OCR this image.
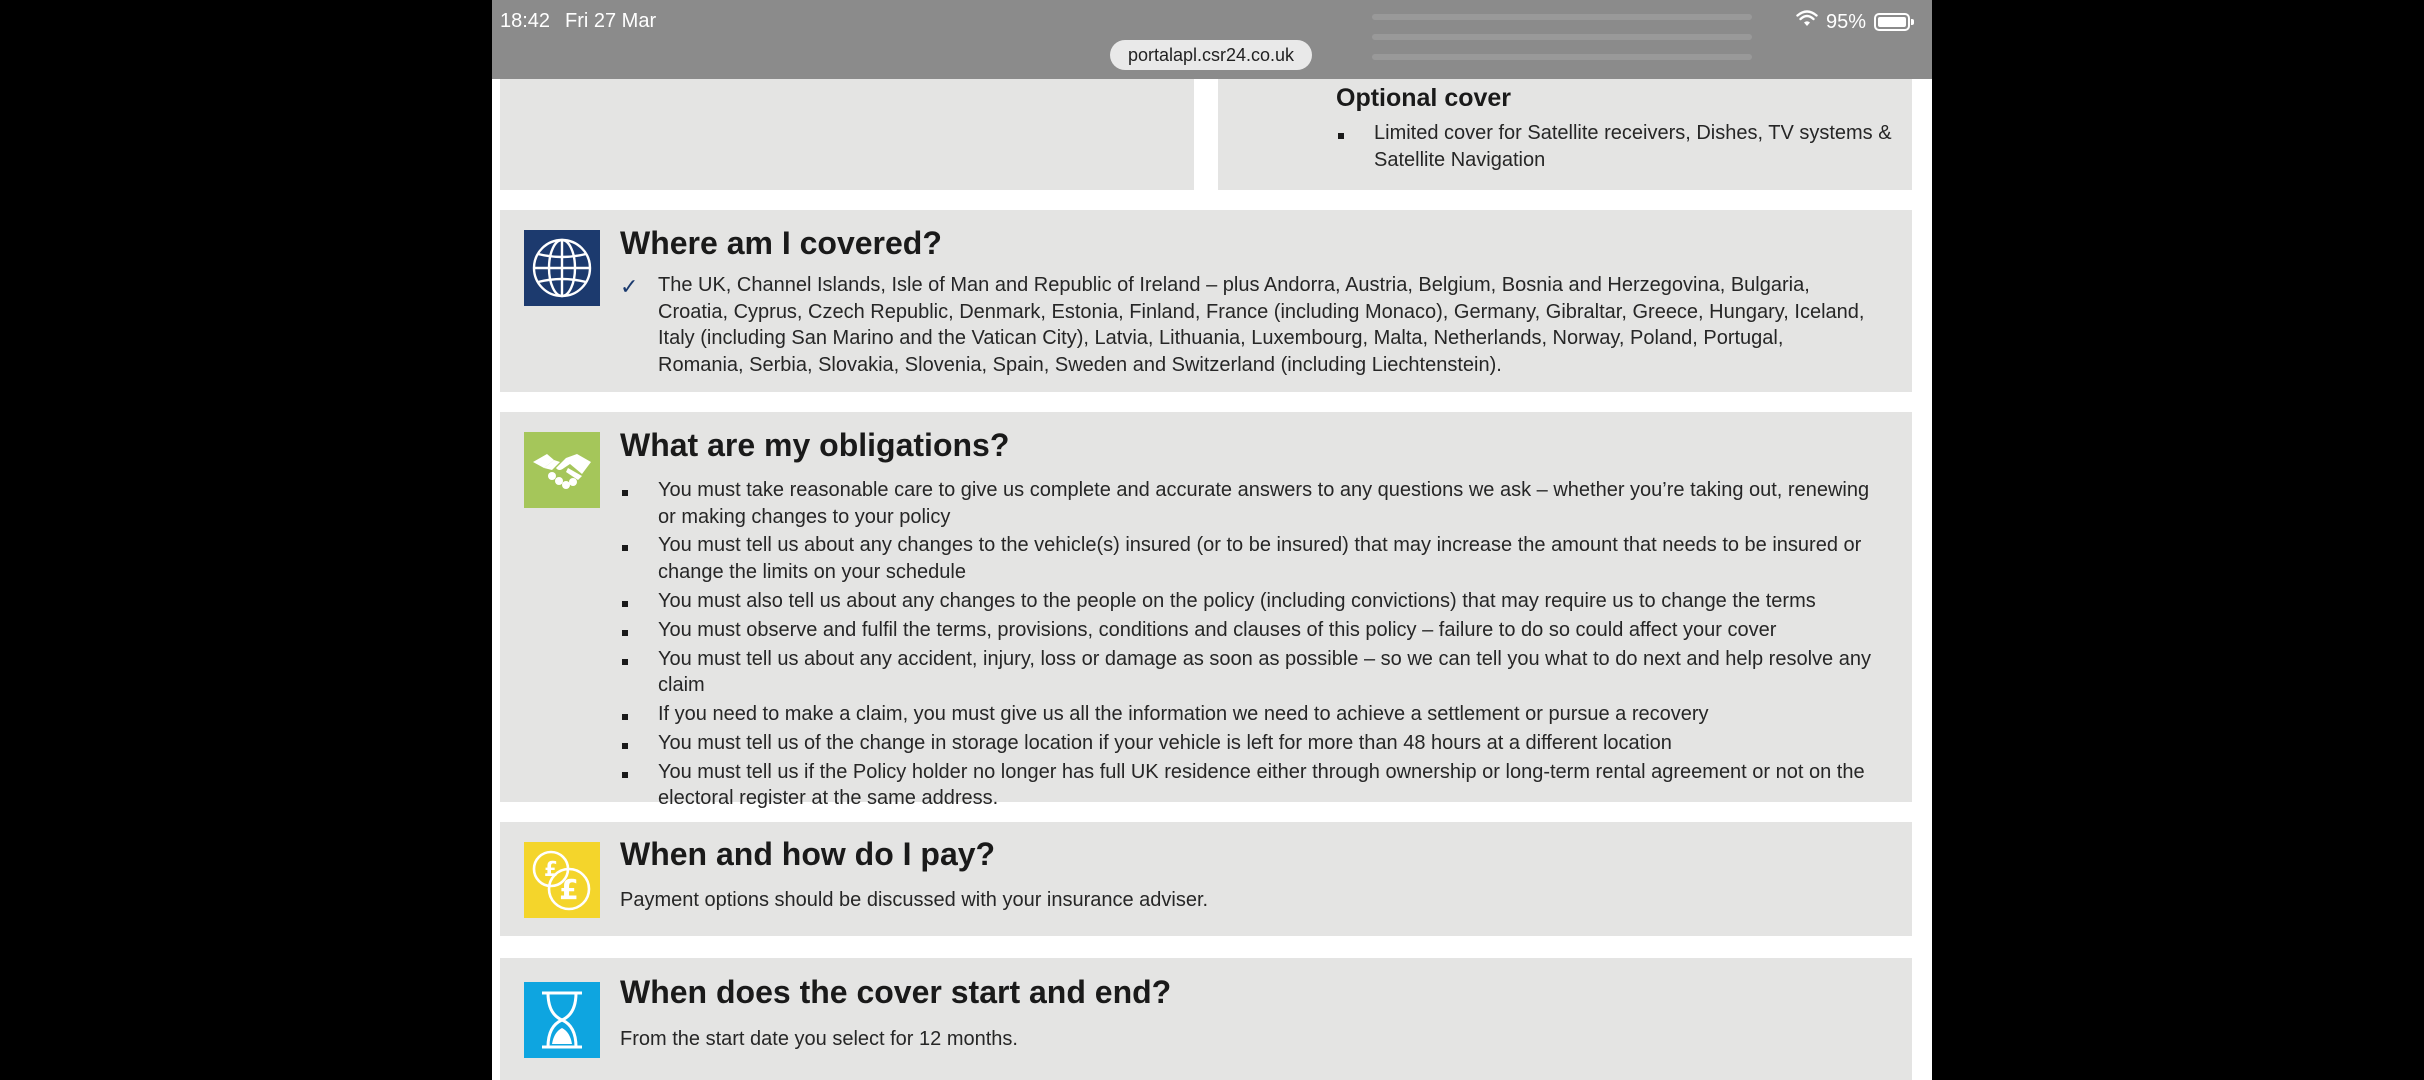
Optional cover
Limited cover for Satellite receivers, Dishes, TV systems & Satellite Navigation
Where am I covered?
✓ The UK, Channel Islands, Isle of Man and Republic of Ireland – plus Andorra, Austria, Belgium, Bosnia and Herzegovina, Bulgaria, Croatia, Cyprus, Czech Republic, Denmark, Estonia, Finland, France (including Monaco), Germany, Gibraltar, Greece, Hungary, Iceland, Italy (including San Marino and the Vatican City), Latvia, Lithuania, Luxembourg, Malta, Netherlands, Norway, Poland, Portugal, Romania, Serbia, Slovakia, Slovenia, Spain, Sweden and Switzerland (including Liechtenstein).
What are my obligations?
You must take reasonable care to give us complete and accurate answers to any questions we ask – whether you’re taking out, renewing or making changes to your policy
You must tell us about any changes to the vehicle(s) insured (or to be insured) that may increase the amount that needs to be insured or change the limits on your schedule
You must also tell us about any changes to the people on the policy (including convictions) that may require us to change the terms
You must observe and fulfil the terms, provisions, conditions and clauses of this policy – failure to do so could affect your cover
You must tell us about any accident, injury, loss or damage as soon as possible – so we can tell you what to do next and help resolve any claim
If you need to make a claim, you must give us all the information we need to achieve a settlement or pursue a recovery
You must tell us of the change in storage location if your vehicle is left for more than 48 hours at a different location
You must tell us if the Policy holder no longer has full UK residence either through ownership or long-term rental agreement or not on the electoral register at the same address.
£
£
When and how do I pay?
Payment options should be discussed with your insurance adviser.
When does the cover start and end?
From the start date you select for 12 months.
18:42 Fri 27 Mar	95%
portalapl.csr24.co.uk
